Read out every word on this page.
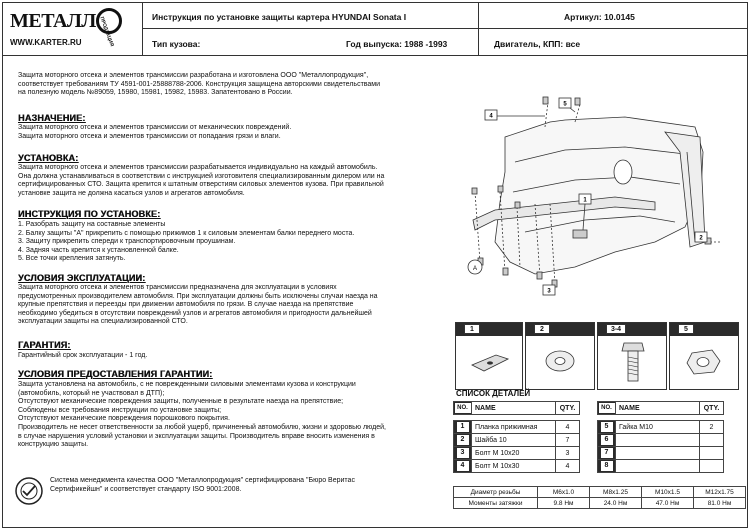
МЕТАЛЛ ПРОДУКЦИЯ
WWW.KARTER.RU
Инструкция по установке защиты картера HYUNDAI Sonata I	Артикул: 10.0145
Тип кузова:	Год выпуска: 1988 -1993	Двигатель, КПП: все
Защита моторного отсека и элементов трансмиссии разработана и изготовлена ООО "Металлопродукция",
соответствует требованиям ТУ 4591-001-25888788-2006. Конструкция защищена авторскими свидетельствами
на полезную модель №89059, 15980, 15981, 15982, 15983. Запатентовано в России.
НАЗНАЧЕНИЕ:
Защита моторного отсека и элементов трансмиссии от механических повреждений.
Защита моторного отсека и элементов трансмиссии от попадания грязи и влаги.
УСТАНОВКА:
Защита моторного отсека и элементов трансмиссии разрабатывается индивидуально на каждый автомобиль.
Она должна устанавливаться в соответствии с инструкцией изготовителя специализированным дилером или на
сертифицированных СТО. Защита крепится к штатным отверстиям силовых элементов кузова. При правильной
установке защита не должна касаться узлов и агрегатов автомобиля.
ИНСТРУКЦИЯ ПО УСТАНОВКЕ:
1. Разобрать защиту на составные элементы
2. Балку защиты "А" прикрепить с помощью прижимов 1 к силовым элементам балки переднего моста.
3. Защиту прикрепить спереди к транспортировочным проушинам.
4. Задняя часть крепится к установленной балке.
5. Все точки крепления затянуть.
УСЛОВИЯ ЭКСПЛУАТАЦИИ:
Защита моторного отсека и элементов трансмиссии предназначена для эксплуатации в условиях
предусмотренных производителем автомобиля. При эксплуатации должны быть исключены случаи наезда на
крупные препятствия и переезды при движении автомобиля по грязи. В случае наезда на препятствие
необходимо убедиться в отсутствии повреждений узлов и агрегатов автомобиля и пригодности дальнейшей
эксплуатации защиты на специализированной СТО.
ГАРАНТИЯ:
Гарантийный срок эксплуатации - 1 год.
УСЛОВИЯ ПРЕДОСТАВЛЕНИЯ ГАРАНТИИ:
Защита установлена на автомобиль, с не поврежденными силовыми элементами кузова и конструкции
(автомобиль, который не участвовал в ДТП);
Отсутствуют механические повреждения защиты, полученные в результате наезда на препятствие;
Соблюдены все требования инструкции по установке защиты;
Отсутствуют механические повреждения порошкового покрытия.
Производитель не несет ответственности за любой ущерб, причиненный автомобилю, жизни и здоровью людей,
в случае нарушения условий установки и эксплуатации защиты. Производитель вправе вносить изменения в
конструкцию защиты.
Система менеджмента качества ООО "Металлопродукция" сертифицирована "Бюро Веритас
Сертификейшн" и соответствует стандарту ISO 9001:2008.
4
5
1
2
3
A
1	2	3-4	5
СПИСОК ДЕТАЛЕЙ
NO.	NAME	QTY.

1	Планка прижимная	4
2	Шайба 10	7
3	Болт М 10х20	3
4	Болт М 10х30	4
NO.	NAME	QTY.

5	Гайка М10	2
6		
7		
8		
Диаметр резьбы	М6х1.0	М8х1.25	М10х1.5	М12х1.75
Моменты затяжки	9.8 Нм	24.0 Нм	47.0 Нм	81.0 Нм
